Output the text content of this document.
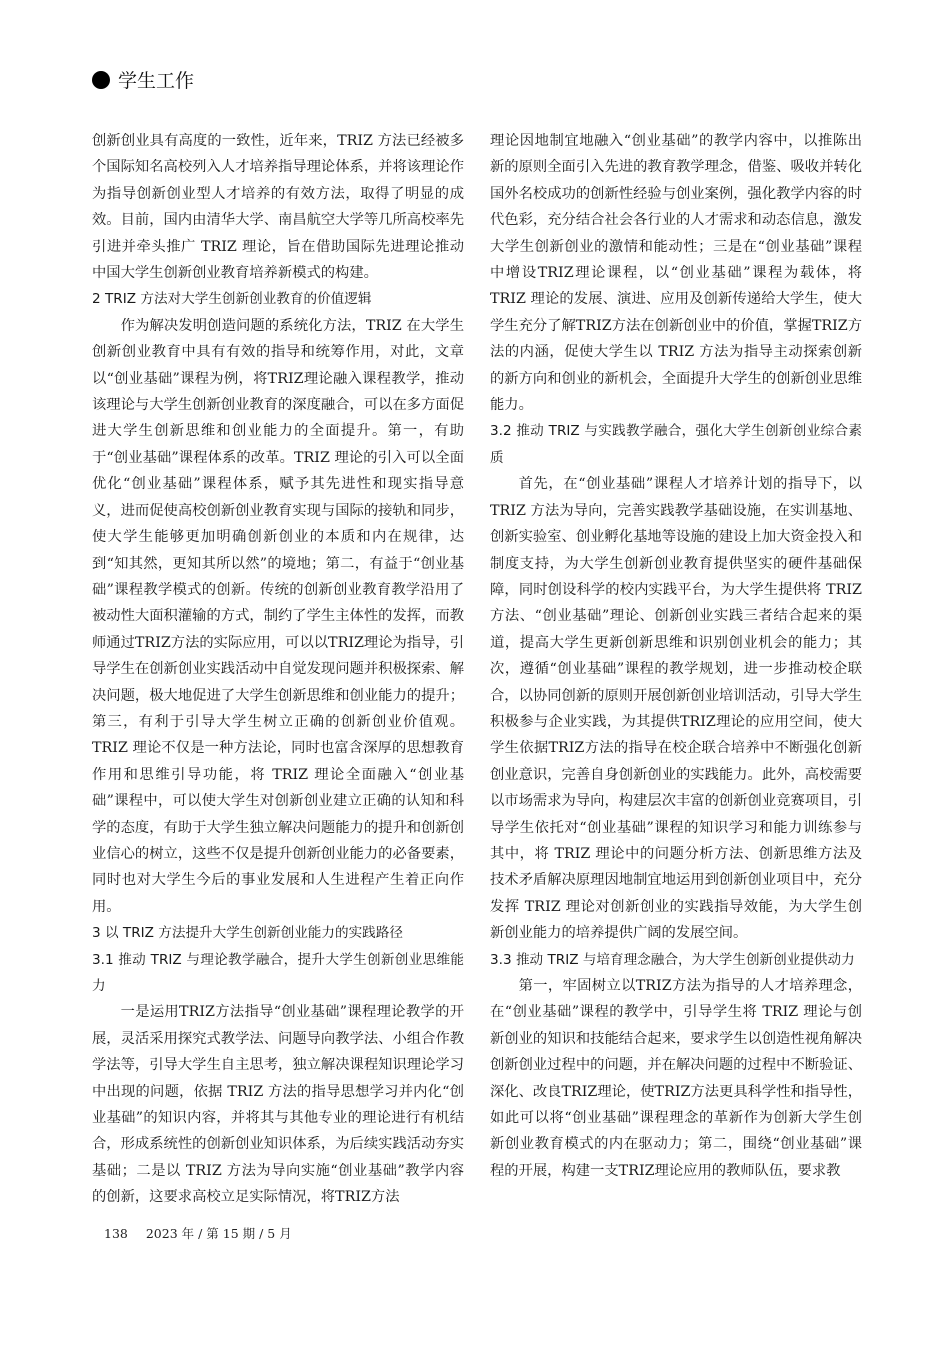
学生工作

创新创业具有高度的一致性，近年来，TRIZ 方法已经被多个国际知名高校列入人才培养指导理论体系，并将该理论作为指导创新创业型人才培养的有效方法，取得了明显的成效。目前，国内由清华大学、南昌航空大学等几所高校率先引进并牵头推广 TRIZ 理论，旨在借助国际先进理论推动中国大学生创新创业教育培养新模式的构建。

2 TRIZ 方法对大学生创新创业教育的价值逻辑

作为解决发明创造问题的系统化方法，TRIZ 在大学生创新创业教育中具有有效的指导和统筹作用，对此，文章以“创业基础”课程为例，将TRIZ理论融入课程教学，推动该理论与大学生创新创业教育的深度融合，可以在多方面促进大学生创新思维和创业能力的全面提升。第一，有助于“创业基础”课程体系的改革。TRIZ 理论的引入可以全面优化“创业基础”课程体系，赋予其先进性和现实指导意义，进而促使高校创新创业教育实现与国际的接轨和同步，使大学生能够更加明确创新创业的本质和内在规律，达到“知其然，更知其所以然”的境地；第二，有益于“创业基础”课程教学模式的创新。传统的创新创业教育教学沿用了被动性大面积灌输的方式，制约了学生主体性的发挥，而教师通过TRIZ方法的实际应用，可以以TRIZ理论为指导，引导学生在创新创业实践活动中自觉发现问题并积极探索、解决问题，极大地促进了大学生创新思维和创业能力的提升；第三，有利于引导大学生树立正确的创新创业价值观。TRIZ 理论不仅是一种方法论，同时也富含深厚的思想教育作用和思维引导功能，将 TRIZ 理论全面融入“创业基础”课程中，可以使大学生对创新创业建立正确的认知和科学的态度，有助于大学生独立解决问题能力的提升和创新创业信心的树立，这些不仅是提升创新创业能力的必备要素，同时也对大学生今后的事业发展和人生进程产生着正向作用。

3 以 TRIZ 方法提升大学生创新创业能力的实践路径

3.1 推动 TRIZ 与理论教学融合，提升大学生创新创业思维能力

一是运用TRIZ方法指导“创业基础”课程理论教学的开展，灵活采用探究式教学法、问题导向教学法、小组合作教学法等，引导大学生自主思考，独立解决课程知识理论学习中出现的问题，依据 TRIZ 方法的指导思想学习并内化“创业基础”的知识内容，并将其与其他专业的理论进行有机结合，形成系统性的创新创业知识体系，为后续实践活动夯实基础；二是以 TRIZ 方法为导向实施“创业基础”教学内容的创新，这要求高校立足实际情况，将TRIZ方法

理论因地制宜地融入“创业基础”的教学内容中，以推陈出新的原则全面引入先进的教育教学理念，借鉴、吸收并转化国外名校成功的创新性经验与创业案例，强化教学内容的时代色彩，充分结合社会各行业的人才需求和动态信息，激发大学生创新创业的激情和能动性；三是在“创业基础”课程中增设TRIZ理论课程，以“创业基础”课程为载体，将 TRIZ 理论的发展、演进、应用及创新传递给大学生，使大学生充分了解TRIZ方法在创新创业中的价值，掌握TRIZ方法的内涵，促使大学生以 TRIZ 方法为指导主动探索创新的新方向和创业的新机会，全面提升大学生的创新创业思维能力。

3.2 推动 TRIZ 与实践教学融合，强化大学生创新创业综合素质

首先，在“创业基础”课程人才培养计划的指导下，以 TRIZ 方法为导向，完善实践教学基础设施，在实训基地、创新实验室、创业孵化基地等设施的建设上加大资金投入和制度支持，为大学生创新创业教育提供坚实的硬件基础保障，同时创设科学的校内实践平台，为大学生提供将 TRIZ 方法、“创业基础”理论、创新创业实践三者结合起来的渠道，提高大学生更新创新思维和识别创业机会的能力；其次，遵循“创业基础”课程的教学规划，进一步推动校企联合，以协同创新的原则开展创新创业培训活动，引导大学生积极参与企业实践，为其提供TRIZ理论的应用空间，使大学生依据TRIZ方法的指导在校企联合培养中不断强化创新创业意识，完善自身创新创业的实践能力。此外，高校需要以市场需求为导向，构建层次丰富的创新创业竞赛项目，引导学生依托对“创业基础”课程的知识学习和能力训练参与其中，将 TRIZ 理论中的问题分析方法、创新思维方法及技术矛盾解决原理因地制宜地运用到创新创业项目中，充分发挥 TRIZ 理论对创新创业的实践指导效能，为大学生创新创业能力的培养提供广阔的发展空间。

3.3 推动 TRIZ 与培育理念融合，为大学生创新创业提供动力

第一，牢固树立以TRIZ方法为指导的人才培养理念，在“创业基础”课程的教学中，引导学生将 TRIZ 理论与创新创业的知识和技能结合起来，要求学生以创造性视角解决创新创业过程中的问题，并在解决问题的过程中不断验证、深化、改良TRIZ理论，使TRIZ方法更具科学性和指导性，如此可以将“创业基础”课程理念的革新作为创新大学生创新创业教育模式的内在驱动力；第二，围绕“创业基础”课程的开展，构建一支TRIZ理论应用的教师队伍，要求教

138 2023 年 / 第 15 期 / 5 月
